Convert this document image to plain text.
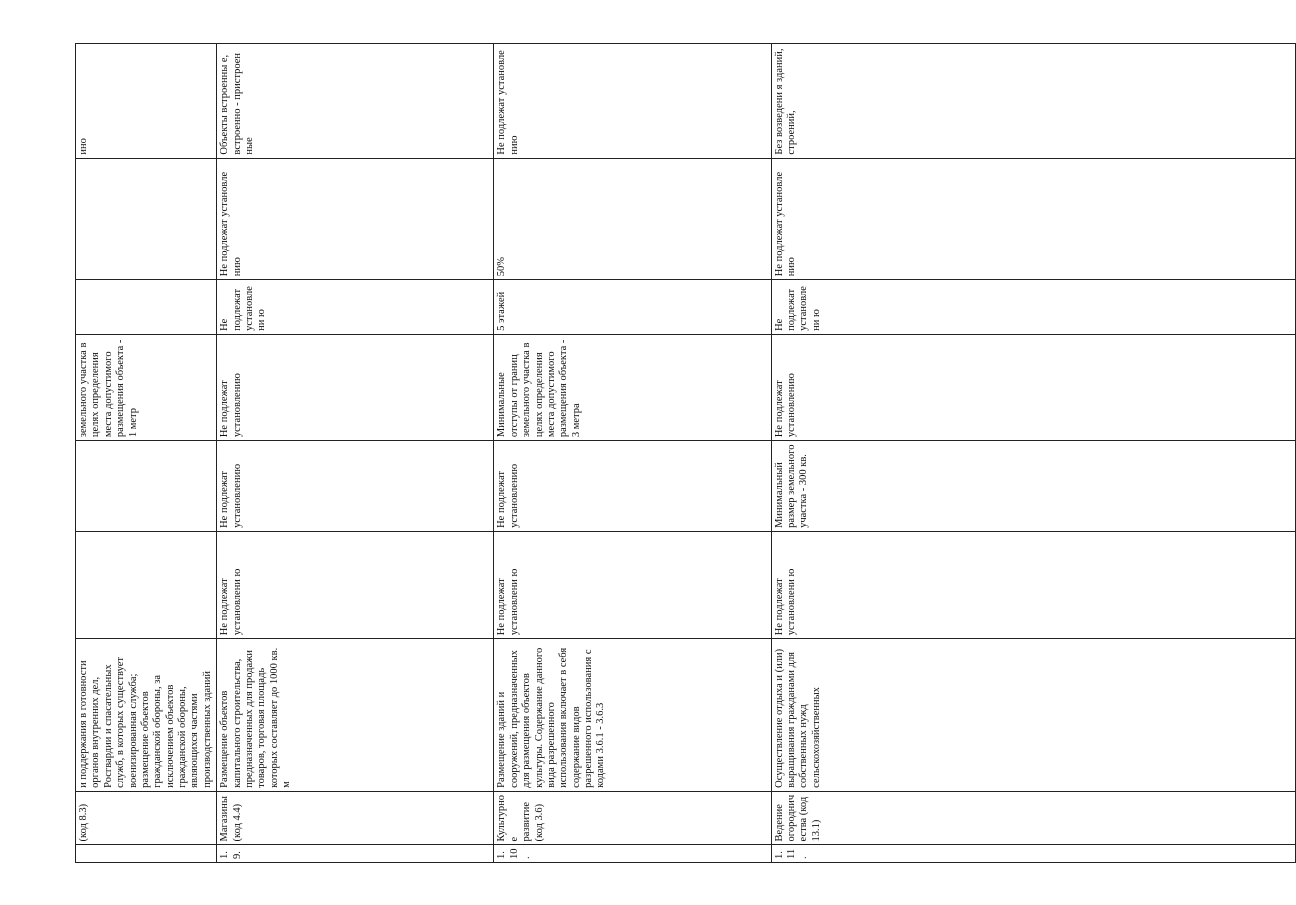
	(код 8.3)	и поддержания в готовности органов внутренних дел, Росгвардии и спасательных служб, в которых существует военизированная служба; размещение объектов гражданской обороны, за исключением объектов гражданской обороны, являющихся частями производственных зданий			земельного участка в целях определения места допустимого размещения объекта - 1 метр			ино	
1.9.	Магазины (код 4.4)	Размещение объектов капитального строительства, предназначенных для продажи товаров, торговая площадь которых составляет до 1000 кв. м	Не подлежат установлени ю	Не подлежат установлению	Не подлежат установлению	Не подлежат установлени ю	Не подлежат установле нию	Объекты встроенны е, встроенно - пристроен ные	
1.10.	Культурное развитие (код 3.6)	Размещение зданий и сооружений, предназначенных для размещения объектов культуры. Содержание данного вида разрешенного использования включает в себя содержание видов разрешенного использования с кодами 3.6.1 - 3.6.3	Не подлежат установлени ю	Не подлежат установлению	Минимальные отступы от границ земельного участка в целях определения места допустимого размещения объекта - 3 метра	5 этажей	50%	Не подлежат установле нию	
1.11.	Ведение огородничества (код 13.1)	Осуществление отдыха и (или) выращивания гражданами для собственных нужд сельскохозяйственных	Не подлежат установлени ю	Минимальный размер земельного участка - 300 кв.	Не подлежат установлению	Не подлежат установлени ю	Не подлежат установле нию	Без возведени я зданий, строений,	
